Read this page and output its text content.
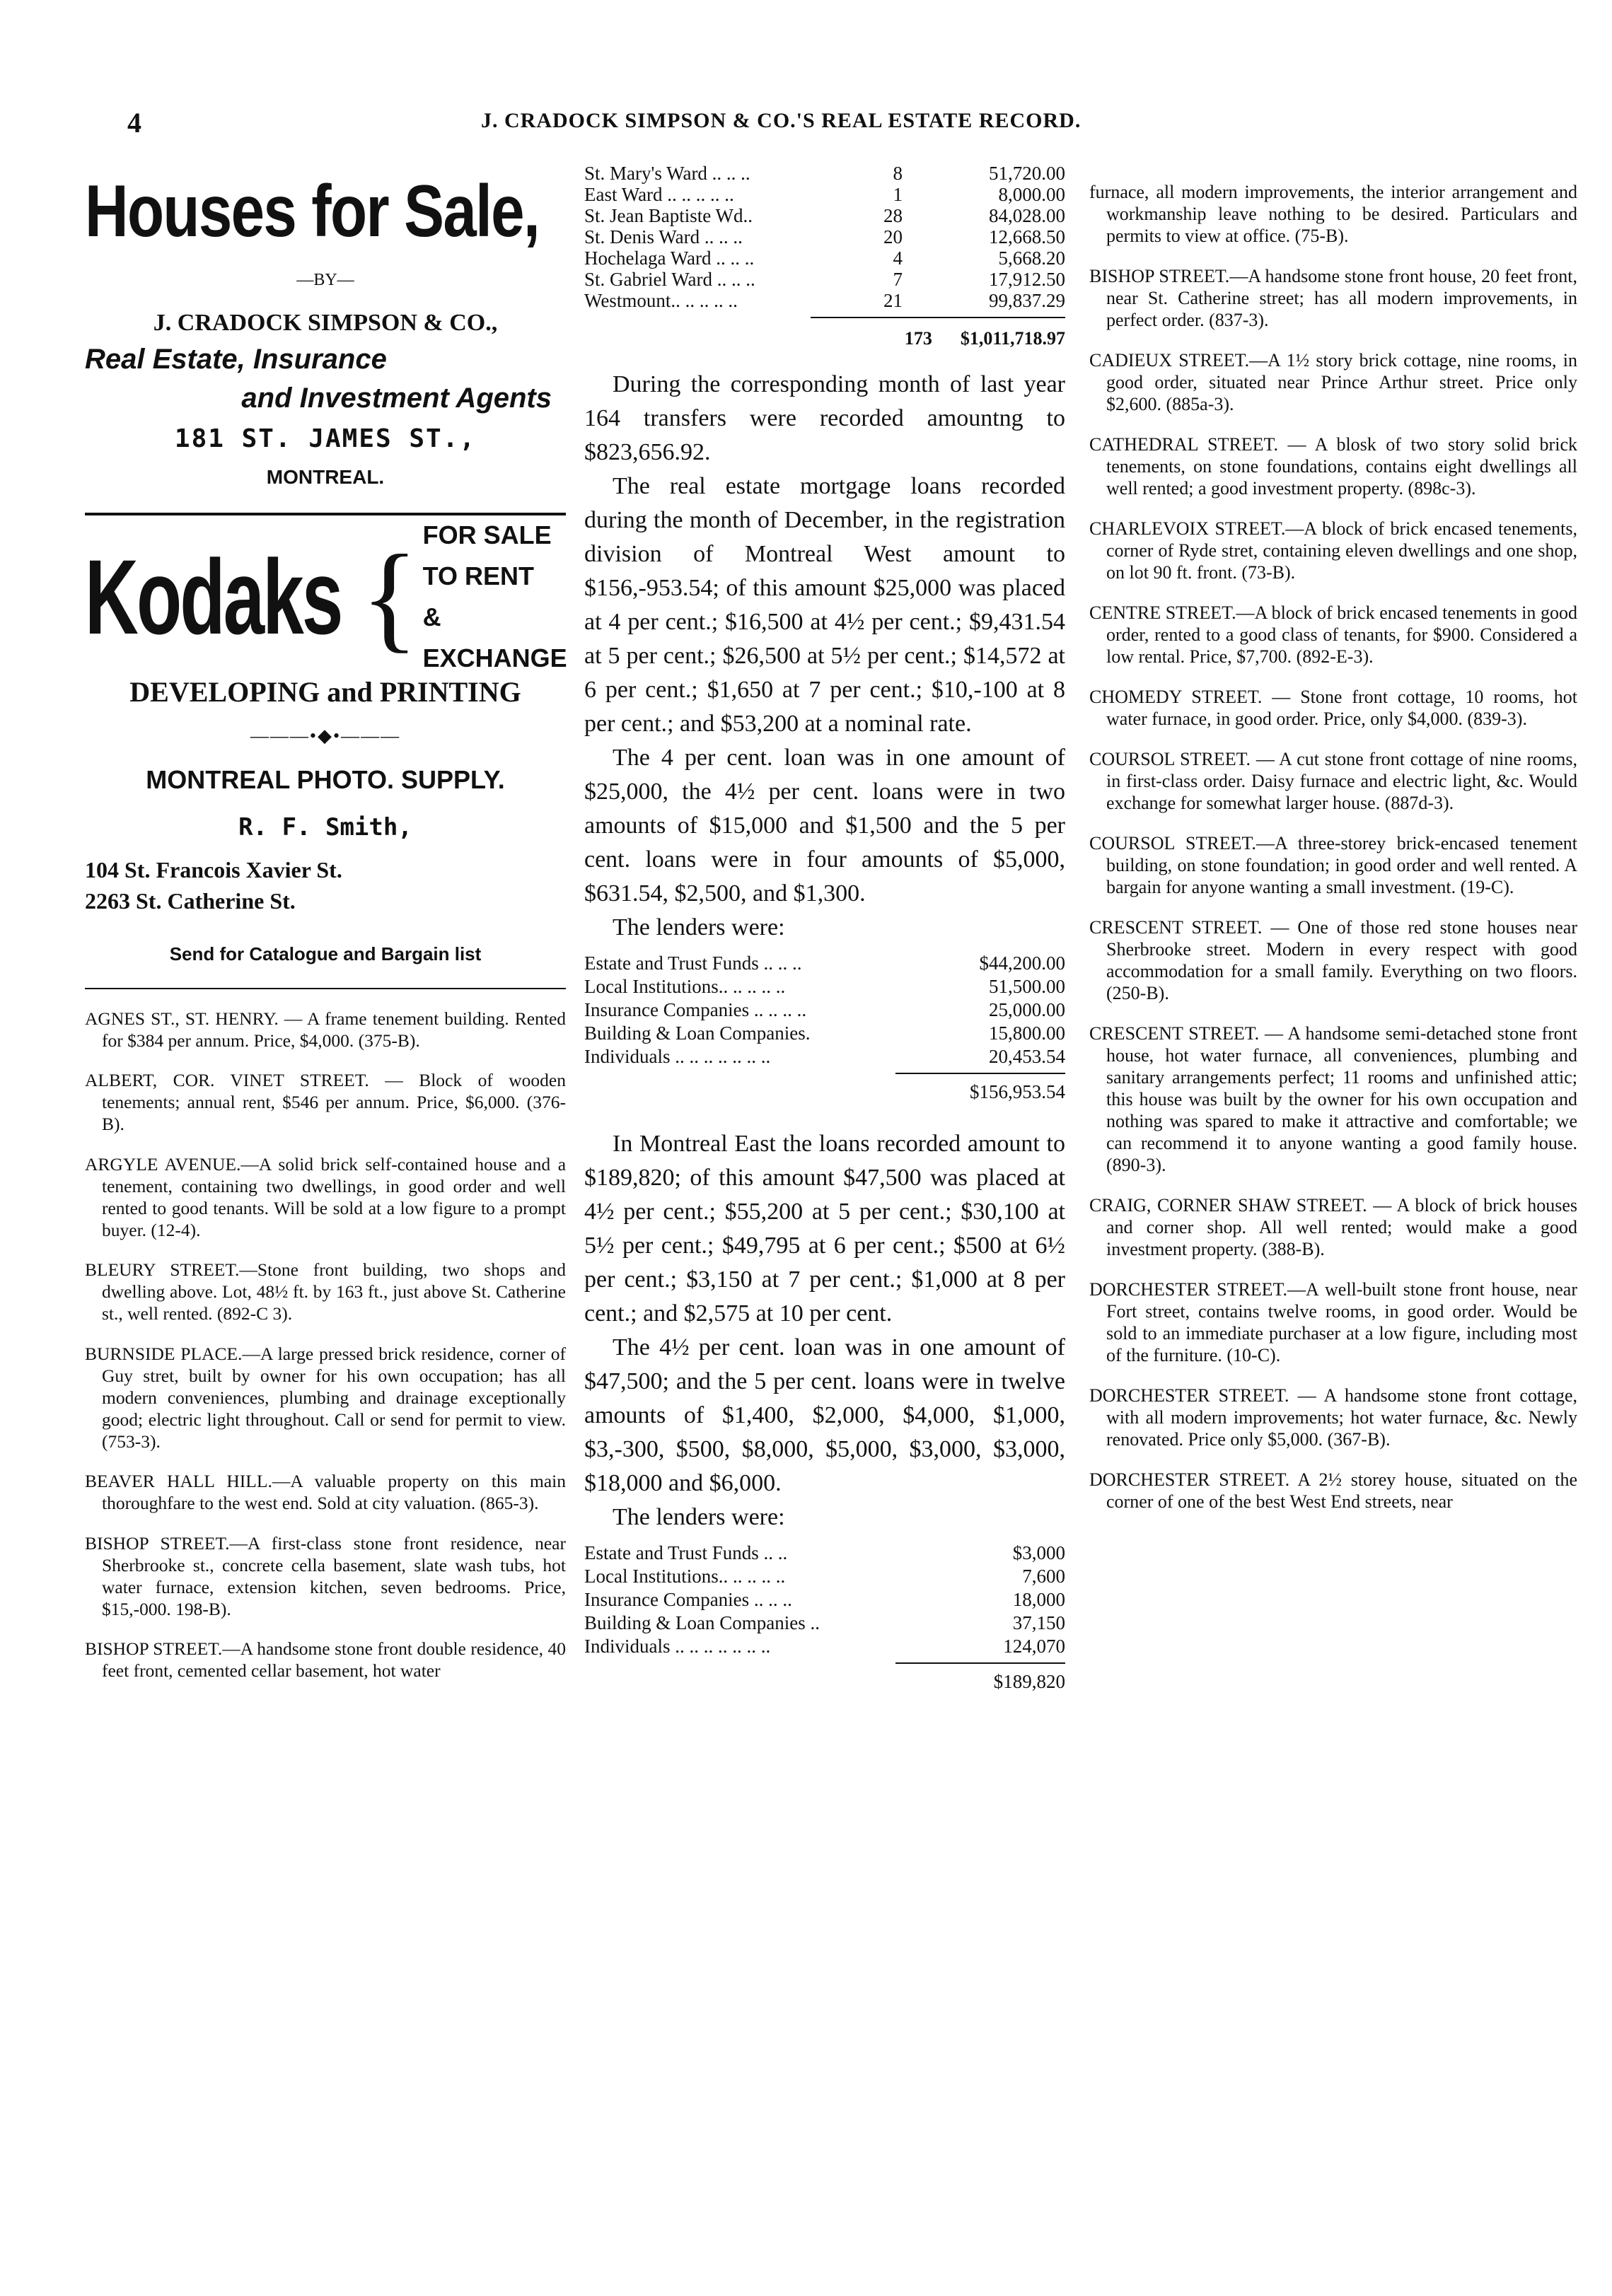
4	J. CRADOCK SIMPSON & CO.'S REAL ESTATE RECORD.
Houses for Sale,
—BY—
J. CRADOCK SIMPSON & CO.,
Real Estate, Insurance
and Investment Agents
181 ST. JAMES ST.,
MONTREAL.
Kodaks { FOR SALE
TO RENT
& EXCHANGE
DEVELOPING and PRINTING
———•◆•———
MONTREAL PHOTO. SUPPLY.
R. F. Smith,
104 St. Francois Xavier St.
2263 St. Catherine St.
Send for Catalogue and Bargain list

AGNES ST., ST. HENRY. — A frame tenement building. Rented for $384 per annum. Price, $4,000. (375-B).

ALBERT, COR. VINET STREET. — Block of wooden tenements; annual rent, $546 per annum. Price, $6,000. (376-B).

ARGYLE AVENUE.—A solid brick self-contained house and a tenement, containing two dwellings, in good order and well rented to good tenants. Will be sold at a low figure to a prompt buyer. (12-4).

BLEURY STREET.—Stone front building, two shops and dwelling above. Lot, 48½ ft. by 163 ft., just above St. Catherine st., well rented. (892-C 3).

BURNSIDE PLACE.—A large pressed brick residence, corner of Guy stret, built by owner for his own occupation; has all modern conveniences, plumbing and drainage exceptionally good; electric light throughout. Call or send for permit to view. (753-3).

BEAVER HALL HILL.—A valuable property on this main thoroughfare to the west end. Sold at city valuation. (865-3).

BISHOP STREET.—A first-class stone front residence, near Sherbrooke st., concrete cella basement, slate wash tubs, hot water furnace, extension kitchen, seven bedrooms. Price, $15,-000. 198-B).

BISHOP STREET.—A handsome stone front double residence, 40 feet front, cemented cellar basement, hot water

St. Mary's Ward .. .. ..	8	51,720.00
East Ward .. .. .. .. ..	1	8,000.00
St. Jean Baptiste Wd..	28	84,028.00
St. Denis Ward .. .. ..	20	12,668.50
Hochelaga Ward .. .. ..	4	5,668.20
St. Gabriel Ward .. .. ..	7	17,912.50
Westmount.. .. .. .. ..	21	99,837.29
173 $1,011,718.97

During the corresponding month of last year 164 transfers were recorded amountng to $823,656.92.

The real estate mortgage loans recorded during the month of December, in the registration division of Montreal West amount to $156,-953.54; of this amount $25,000 was placed at 4 per cent.; $16,500 at 4½ per cent.; $9,431.54 at 5 per cent.; $26,500 at 5½ per cent.; $14,572 at 6 per cent.; $1,650 at 7 per cent.; $10,-100 at 8 per cent.; and $53,200 at a nominal rate.

The 4 per cent. loan was in one amount of $25,000, the 4½ per cent. loans were in two amounts of $15,000 and $1,500 and the 5 per cent. loans were in four amounts of $5,000, $631.54, $2,500, and $1,300.

The lenders were:
Estate and Trust Funds .. .. ..	$44,200.00
Local Institutions.. .. .. .. ..	51,500.00
Insurance Companies .. .. .. ..	25,000.00
Building & Loan Companies.	15,800.00
Individuals .. .. .. .. .. .. ..	20,453.54
$156,953.54

In Montreal East the loans recorded amount to $189,820; of this amount $47,500 was placed at 4½ per cent.; $55,200 at 5 per cent.; $30,100 at 5½ per cent.; $49,795 at 6 per cent.; $500 at 6½ per cent.; $3,150 at 7 per cent.; $1,000 at 8 per cent.; and $2,575 at 10 per cent.

The 4½ per cent. loan was in one amount of $47,500; and the 5 per cent. loans were in twelve amounts of $1,400, $2,000, $4,000, $1,000, $3,-300, $500, $8,000, $5,000, $3,000, $3,000, $18,000 and $6,000.

The lenders were:
Estate and Trust Funds .. ..	$3,000
Local Institutions.. .. .. .. ..	7,600
Insurance Companies .. .. ..	18,000
Building & Loan Companies ..	37,150
Individuals .. .. .. .. .. .. ..	124,070
$189,820

furnace, all modern improvements, the interior arrangement and workmanship leave nothing to be desired. Particulars and permits to view at office. (75-B).

BISHOP STREET.—A handsome stone front house, 20 feet front, near St. Catherine street; has all modern improvements, in perfect order. (837-3).

CADIEUX STREET.—A 1½ story brick cottage, nine rooms, in good order, situated near Prince Arthur street. Price only $2,600. (885a-3).

CATHEDRAL STREET. — A blosk of two story solid brick tenements, on stone foundations, contains eight dwellings all well rented; a good investment property. (898c-3).

CHARLEVOIX STREET.—A block of brick encased tenements, corner of Ryde stret, containing eleven dwellings and one shop, on lot 90 ft. front. (73-B).

CENTRE STREET.—A block of brick encased tenements in good order, rented to a good class of tenants, for $900. Considered a low rental. Price, $7,700. (892-E-3).

CHOMEDY STREET. — Stone front cottage, 10 rooms, hot water furnace, in good order. Price, only $4,000. (839-3).

COURSOL STREET. — A cut stone front cottage of nine rooms, in first-class order. Daisy furnace and electric light, &c. Would exchange for somewhat larger house. (887d-3).

COURSOL STREET.—A three-storey brick-encased tenement building, on stone foundation; in good order and well rented. A bargain for anyone wanting a small investment. (19-C).

CRESCENT STREET. — One of those red stone houses near Sherbrooke street. Modern in every respect with good accommodation for a small family. Everything on two floors. (250-B).

CRESCENT STREET. — A handsome semi-detached stone front house, hot water furnace, all conveniences, plumbing and sanitary arrangements perfect; 11 rooms and unfinished attic; this house was built by the owner for his own occupation and nothing was spared to make it attractive and comfortable; we can recommend it to anyone wanting a good family house. (890-3).

CRAIG, CORNER SHAW STREET. — A block of brick houses and corner shop. All well rented; would make a good investment property. (388-B).

DORCHESTER STREET.—A well-built stone front house, near Fort street, contains twelve rooms, in good order. Would be sold to an immediate purchaser at a low figure, including most of the furniture. (10-C).

DORCHESTER STREET. — A handsome stone front cottage, with all modern improvements; hot water furnace, &c. Newly renovated. Price only $5,000. (367-B).

DORCHESTER STREET. A 2½ storey house, situated on the corner of one of the best West End streets, near
